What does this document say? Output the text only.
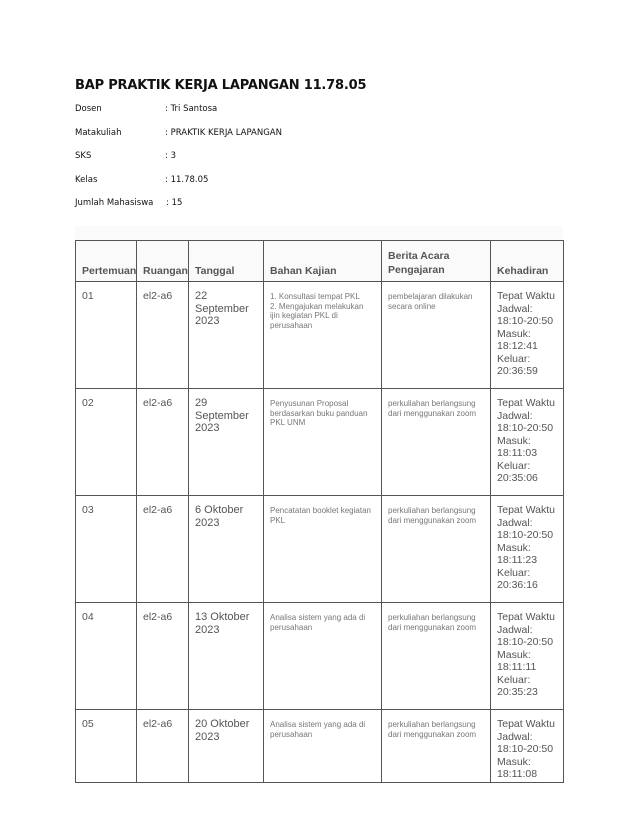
BAP PRAKTIK KERJA LAPANGAN 11.78.05
Dosen	: Tri Santosa
Matakuliah	: PRAKTIK KERJA LAPANGAN
SKS	: 3
Kelas	: 11.78.05
Jumlah Mahasiswa	: 15
Pertemuan	Ruangan	Tanggal	Bahan Kajian	Berita Acara Pengajaran	Kehadiran
01	el2-a6	22 September 2023	1. Konsultasi tempat PKL
2. Mengajukan melakukan ijin kegiatan PKL di perusahaan	pembelajaran dilakukan secara online	Tepat Waktu
Jadwal: 18:10-20:50
Masuk: 18:12:41
Keluar: 20:36:59

02	el2-a6	29 September 2023	Penyusunan Proposal berdasarkan buku panduan PKL UNM	perkuliahan berlangsung dari menggunakan zoom	Tepat Waktu
Jadwal: 18:10-20:50
Masuk: 18:11:03
Keluar: 20:35:06

03	el2-a6	6 Oktober 2023	Pencatatan booklet kegiatan PKL	perkuliahan berlangsung dari menggunakan zoom	Tepat Waktu
Jadwal: 18:10-20:50
Masuk: 18:11:23
Keluar: 20:36:16

04	el2-a6	13 Oktober 2023	Analisa sistem yang ada di perusahaan	perkuliahan berlangsung dari menggunakan zoom	Tepat Waktu
Jadwal: 18:10-20:50
Masuk: 18:11:11
Keluar: 20:35:23

05	el2-a6	20 Oktober 2023	Analisa sistem yang ada di perusahaan	perkuliahan berlangsung dari menggunakan zoom	Tepat Waktu
Jadwal: 18:10-20:50
Masuk: 18:11:08
